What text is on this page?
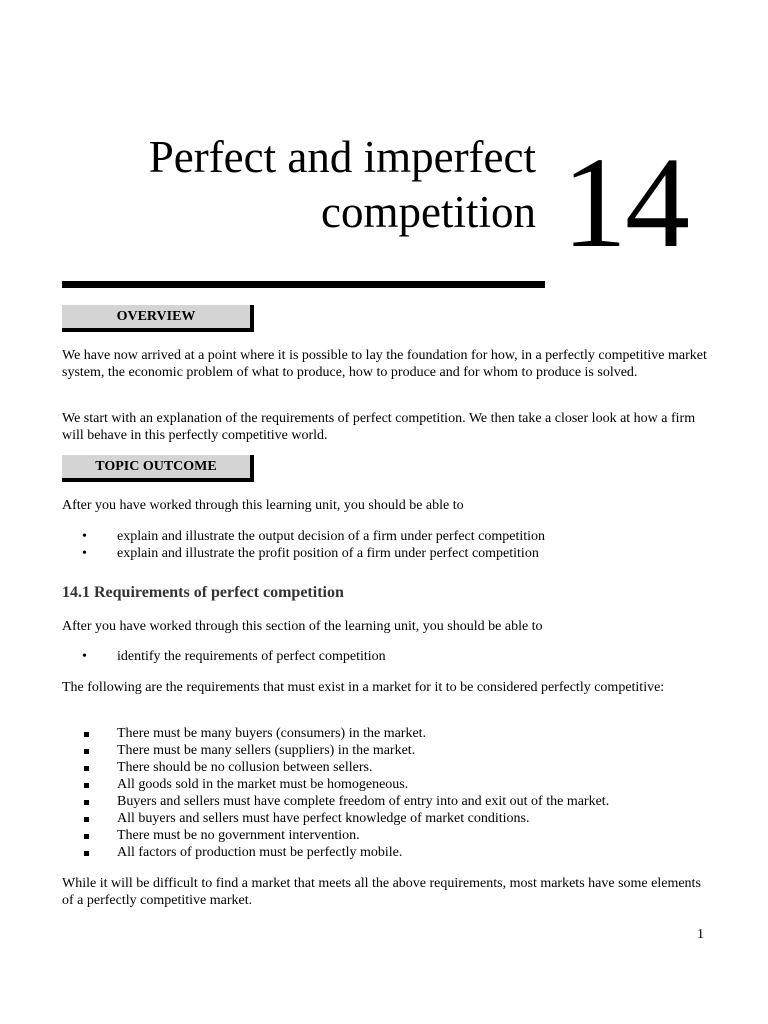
Perfect and imperfect
competition 14
OVERVIEW

We have now arrived at a point where it is possible to lay the foundation for how, in a perfectly competitive market system, the economic problem of what to produce, how to produce and for whom to produce is solved.

We start with an explanation of the requirements of perfect competition. We then take a closer look at how a firm will behave in this perfectly competitive world.

TOPIC OUTCOME

After you have worked through this learning unit, you should be able to

• explain and illustrate the output decision of a firm under perfect competition
• explain and illustrate the profit position of a firm under perfect competition
14.1 Requirements of perfect competition

After you have worked through this section of the learning unit, you should be able to

• identify the requirements of perfect competition

The following are the requirements that must exist in a market for it to be considered perfectly competitive:

There must be many buyers (consumers) in the market.
There must be many sellers (suppliers) in the market.
There should be no collusion between sellers.
All goods sold in the market must be homogeneous.
Buyers and sellers must have complete freedom of entry into and exit out of the market.
All buyers and sellers must have perfect knowledge of market conditions.
There must be no government intervention.
All factors of production must be perfectly mobile.

While it will be difficult to find a market that meets all the above requirements, most markets have some elements of a perfectly competitive market.

1
